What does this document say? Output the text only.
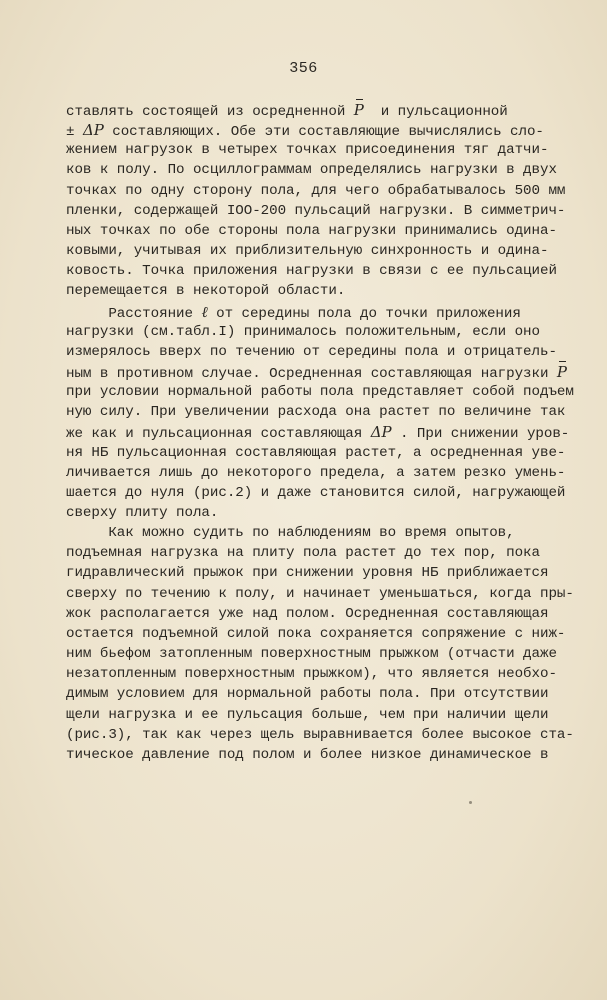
356
ставлять состоящей из осредненной P  и пульсационной
± ΔP составляющих. Обе эти составляющие вычислялись сло-
жением нагрузок в четырех точках присоединения тяг датчи-
ков к полу. По осциллограммам определялись нагрузки в двух
точках по одну сторону пола, для чего обрабатывалось 500 мм
пленки, содержащей IOO-200 пульсаций нагрузки. В симметрич-
ных точках по обе стороны пола нагрузки принимались одина-
ковыми, учитывая их приблизительную синхронность и одина-
ковость. Точка приложения нагрузки в связи с ее пульсацией
перемещается в некоторой области.
Расстояние ℓ от середины пола до точки приложения
нагрузки (см.табл.I) принималось положительным, если оно
измерялось вверх по течению от середины пола и отрицатель-
ным в противном случае. Осредненная составляющая нагрузки P
при условии нормальной работы пола представляет собой подъем
ную силу. При увеличении расхода она растет по величине так
же как и пульсационная составляющая ΔP . При снижении уров-
ня НБ пульсационная составляющая растет, а осредненная уве-
личивается лишь до некоторого предела, а затем резко умень-
шается до нуля (рис.2) и даже становится силой, нагружающей
сверху плиту пола.
Как можно судить по наблюдениям во время опытов,
подъемная нагрузка на плиту пола растет до тех пор, пока
гидравлический прыжок при снижении уровня НБ приближается
сверху по течению к полу, и начинает уменьшаться, когда пры-
жок располагается уже над полом. Осредненная составляющая
остается подъемной силой пока сохраняется сопряжение с ниж-
ним бьефом затопленным поверхностным прыжком (отчасти даже
незатопленным поверхностным прыжком), что является необхо-
димым условием для нормальной работы пола. При отсутствии
щели нагрузка и ее пульсация больше, чем при наличии щели
(рис.3), так как через щель выравнивается более высокое ста-
тическое давление под полом и более низкое динамическое в
